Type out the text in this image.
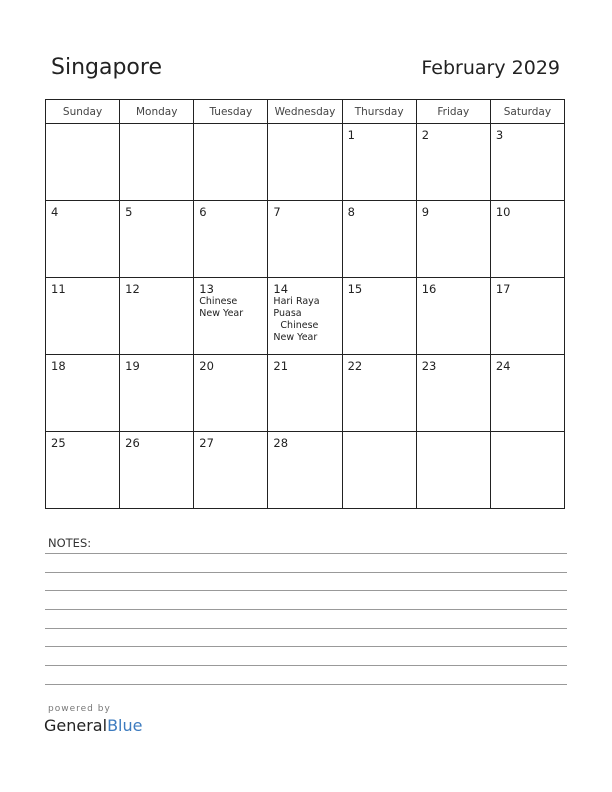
Singapore	February 2029
Sunday	Monday	Tuesday	Wednesday	Thursday	Friday	Saturday

				1	2	3

4	5	6	7	8	9	10

11	12	13
Chinese
New Year	14
Hari Raya
Puasa
Chinese
New Year	15	16	17

18	19	20	21	22	23	24

25	26	27	28			

NOTES:
powered by
GeneralBlue
